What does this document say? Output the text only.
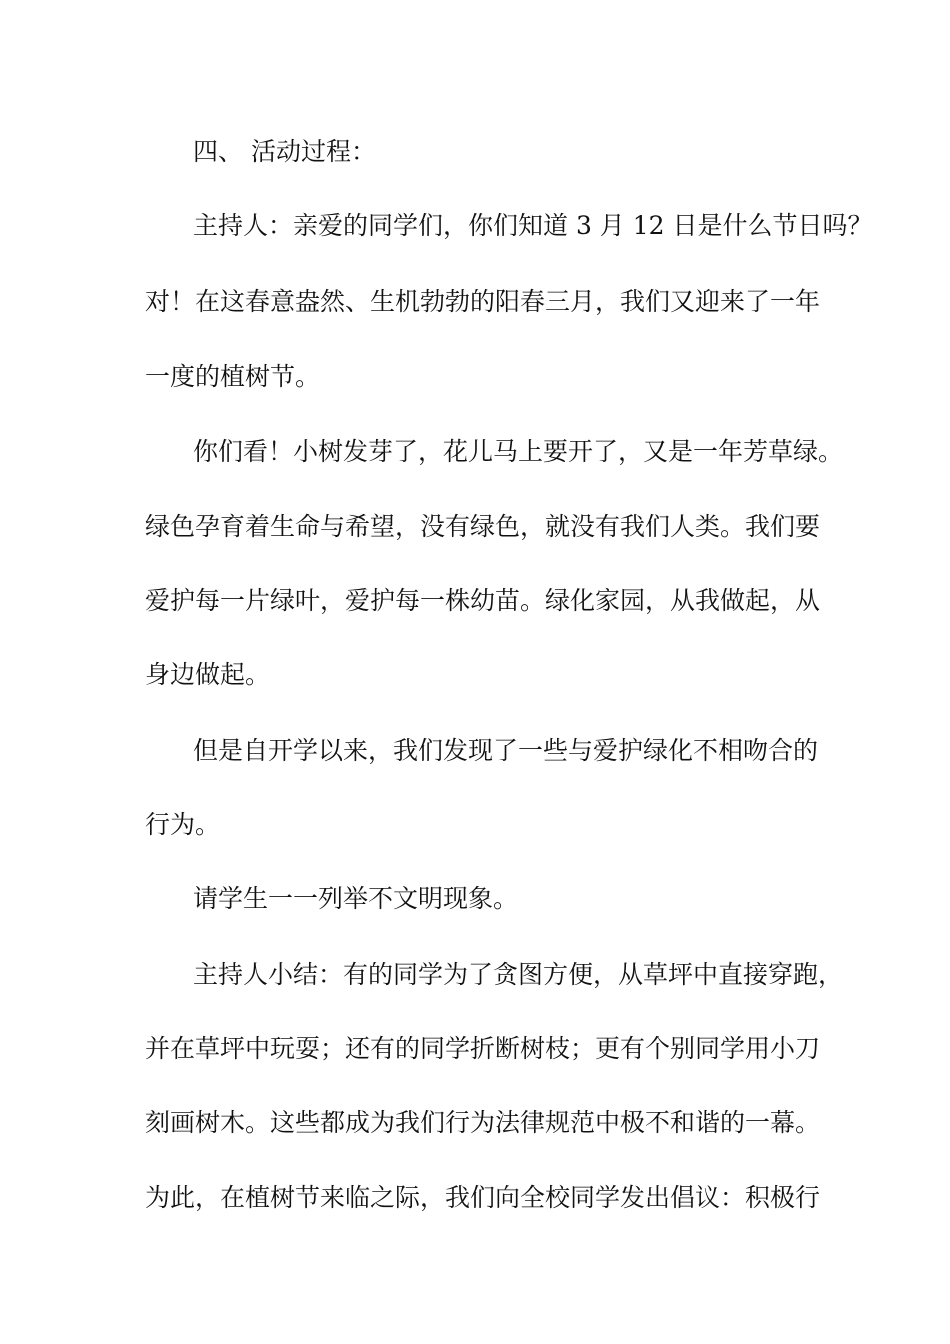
四、 活动过程：
主持人：亲爱的同学们，你们知道 3 月 12 日是什么节日吗？
对！在这春意盎然、生机勃勃的阳春三月，我们又迎来了一年
一度的植树节。
你们看！小树发芽了，花儿马上要开了，又是一年芳草绿。
绿色孕育着生命与希望，没有绿色，就没有我们人类。我们要
爱护每一片绿叶，爱护每一株幼苗。绿化家园，从我做起，从
身边做起。
但是自开学以来，我们发现了一些与爱护绿化不相吻合的
行为。
请学生一一列举不文明现象。
主持人小结：有的同学为了贪图方便，从草坪中直接穿跑，
并在草坪中玩耍；还有的同学折断树枝；更有个别同学用小刀
刻画树木。这些都成为我们行为法律规范中极不和谐的一幕。
为此，在植树节来临之际，我们向全校同学发出倡议：积极行
